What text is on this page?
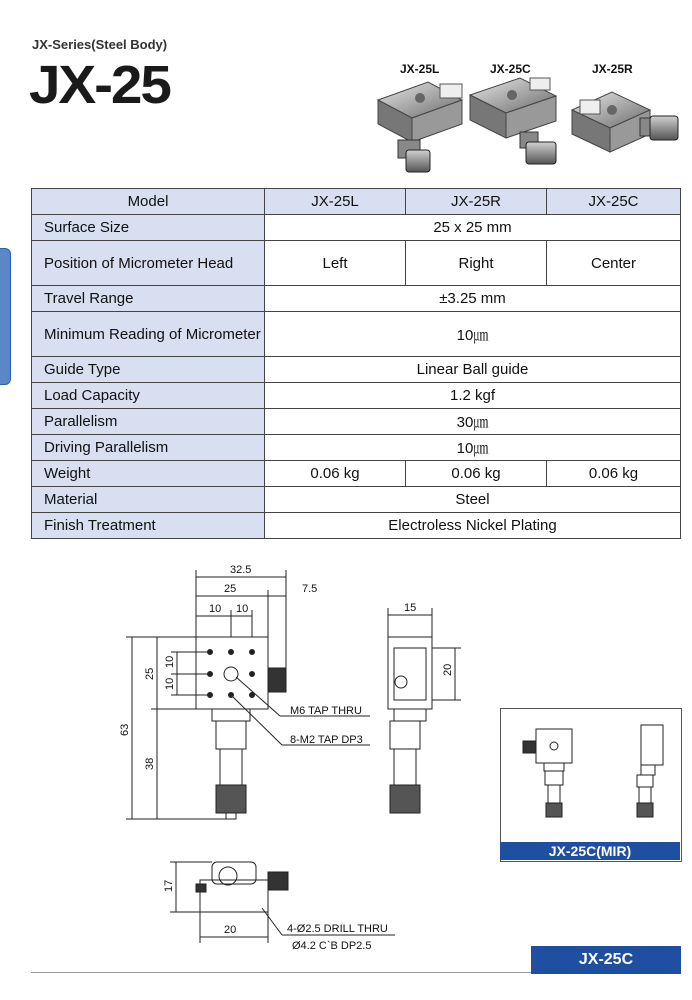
JX-Series(Steel Body)
JX-25	JX-25L	JX-25C	JX-25R
Model	JX-25L	JX-25R	JX-25C
Surface Size	25 x 25 mm		
Position of Micrometer Head	Left	Right	Center
Travel Range	±3.25 mm		
Minimum Reading of Micrometer	10㎛		
Guide Type	Linear Ball guide		
Load Capacity	1.2 kgf		
Parallelism	30㎛		
Driving Parallelism	10㎛		
Weight	0.06 kg	0.06 kg	0.06 kg
Material	Steel		
Finish Treatment	Electroless Nickel Plating		
32.5
25	7.5
10 10	15
20
25
10
10
63
38
17
20
M6 TAP THRU
8-M2 TAP DP3
4-Ø2.5 DRILL THRU
Ø4.2 C`B DP2.5
JX-25C(MIR)
JX-25C
